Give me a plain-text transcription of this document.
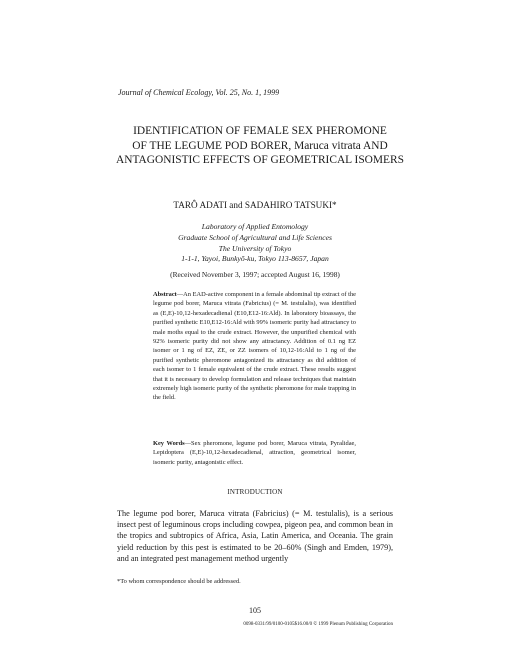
Journal of Chemical Ecology, Vol. 25, No. 1, 1999
IDENTIFICATION OF FEMALE SEX PHEROMONE
OF THE LEGUME POD BORER, Maruca vitrata AND
ANTAGONISTIC EFFECTS OF GEOMETRICAL ISOMERS
TARÔ ADATI and SADAHIRO TATSUKI*
Laboratory of Applied Entomology
Graduate School of Agricultural and Life Sciences
The University of Tokyo
1-1-1, Yayoi, Bunkyō-ku, Tokyo 113-8657, Japan
(Received November 3, 1997; accepted August 16, 1998)
Abstract—An EAD-active component in a female abdominal tip extract of the legume pod borer, Maruca vitrata (Fabricius) (= M. testulalis), was identified as (E,E)-10,12-hexadecadienal (E10,E12-16:Ald). In laboratory bioassays, the purified synthetic E10,E12-16:Ald with 99% isomeric purity had attractancy to male moths equal to the crude extract. However, the unpurified chemical with 92% isomeric purity did not show any attractancy. Addition of 0.1 ng EZ isomer or 1 ng of EZ, ZE, or ZZ isomers of 10,12-16:Ald to 1 ng of the purified synthetic pheromone antagonized its attractancy as did addition of each isomer to 1 female equivalent of the crude extract. These results suggest that it is necessary to develop formulation and release techniques that maintain extremely high isomeric purity of the synthetic pheromone for male trapping in the field.
Key Words—Sex pheromone, legume pod borer, Maruca vitrata, Pyralidae, Lepidoptera (E,E)-10,12-hexadecadienal, attraction, geometrical isomer, isomeric purity, antagonistic effect.
INTRODUCTION
The legume pod borer, Maruca vitrata (Fabricius) (= M. testulalis), is a serious insect pest of leguminous crops including cowpea, pigeon pea, and common bean in the tropics and subtropics of Africa, Asia, Latin America, and Oceania. The grain yield reduction by this pest is estimated to be 20–60% (Singh and Emden, 1979), and an integrated pest management method urgently
*To whom correspondence should be addressed.
105
0098-0331/99/0100-0105$16.00/0 © 1999 Plenum Publishing Corporation
